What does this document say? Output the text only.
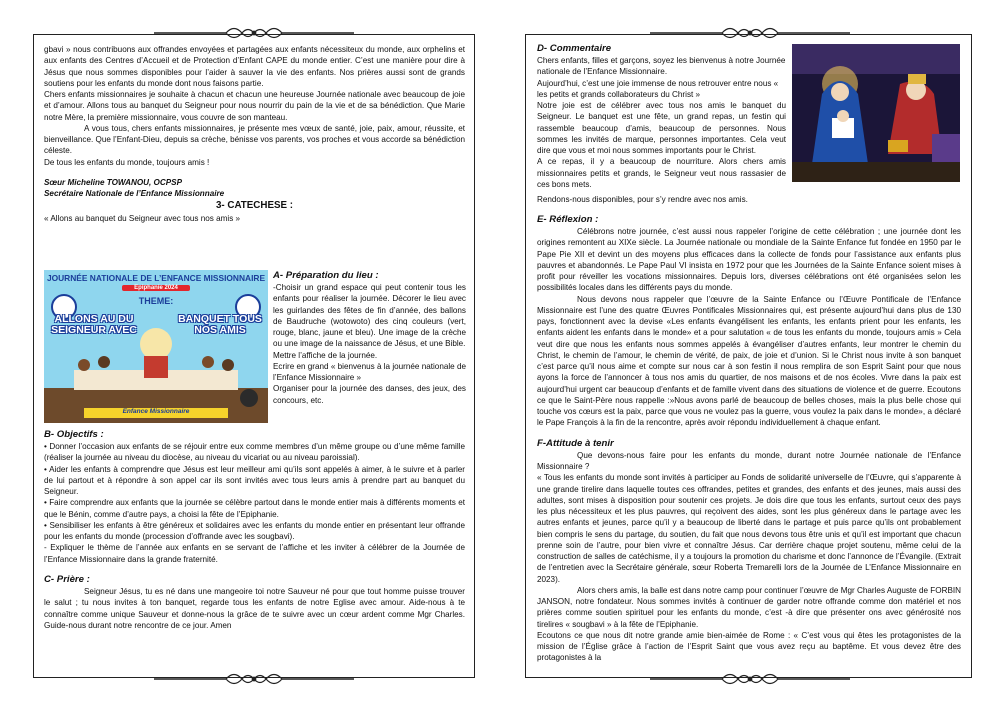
gbavi » nous contribuons aux offrandes envoyées et partagées aux enfants nécessiteux du monde, aux orphelins et aux enfants des Centres d’Accueil et de Protection d’Enfant CAPE du monde entier. C’est une manière pour dire à Jésus que nous sommes disponibles pour l’aider à sauver la vie des enfants. Nos prières aussi sont de grands soutiens pour les enfants du monde dont nous faisons partie.

Chers enfants missionnaires je souhaite à chacun et chacun une heureuse Journée nationale avec beaucoup de joie et d’amour. Allons tous au banquet du Seigneur pour nous nourrir du pain de la vie et de sa bénédiction. Que Marie notre Mère, la première missionnaire, vous couvre de son manteau.

A vous tous, chers enfants missionnaires, je présente mes vœux de santé, joie, paix, amour, réussite, et bienveillance. Que l’Enfant-Dieu, depuis sa crèche, bénisse vos parents, vos proches et vous accorde sa bénédiction céleste.

De tous les enfants du monde, toujours amis !

Sœur Micheline TOWANOU, OCPSP

Secrétaire Nationale de l’Enfance Missionnaire

3- CATECHESE :

« Allons au banquet du Seigneur avec tous nos amis »

JOURNÉE NATIONALE DE L’ENFANCE MISSIONNAIRE
Epiphanie 2024
THEME:
ALLONS AU DU SEIGNEUR AVEC
BANQUET TOUS NOS AMIS
Enfance Missionnaire

A- Préparation du lieu :

-Choisir un grand espace qui peut contenir tous les enfants pour réaliser la journée. Décorer le lieu avec les guirlandes des fêtes de fin d’année, des ballons de Baudruche (wotowoto) des cinq couleurs (vert, rouge, blanc, jaune et bleu). Une image de la crèche ou une image de la naissance de Jésus, et une Bible.

Mettre l’affiche de la journée.

Ecrire en grand « bienvenus à la journée nationale de l’Enfance Missionnaire »

Organiser pour la journée des danses, des jeux, des concours, etc.

B- Objectifs :

• Donner l’occasion aux enfants de se réjouir entre eux comme membres d’un même groupe ou d’une même famille (réaliser la journée au niveau du diocèse, au niveau du vicariat ou au niveau paroissial).

• Aider les enfants à comprendre que Jésus est leur meilleur ami qu’ils sont appelés à aimer, à le suivre et à parler de lui partout et à répondre à son appel car ils sont invités avec tous leurs amis à prendre part au banquet du Seigneur.

• Faire comprendre aux enfants que la journée se célèbre partout dans le monde entier mais à différents moments et que le Bénin, comme d’autre pays, a choisi la fête de l’Epiphanie.

• Sensibiliser les enfants à être généreux et solidaires avec les enfants du monde entier en présentant leur offrande pour les enfants du monde (procession d’offrande avec les sougbavi).

- Expliquer le thème de l’année aux enfants en se servant de l’affiche et les inviter à célébrer de la Journée de l’Enfance Missionnaire dans la grande fraternité.

C- Prière :

Seigneur Jésus, tu es né dans une mangeoire toi notre Sauveur né pour que tout homme puisse trouver le salut ; tu nous invites à ton banquet, regarde tous les enfants de notre Eglise avec amour. Aide-nous à te connaître comme unique Sauveur et donne-nous la grâce de te suivre avec un cœur ardent comme Mgr Charles. Guide-nous durant notre rencontre de ce jour. Amen

D- Commentaire

Chers enfants, filles et garçons, soyez les bienvenus à notre Journée nationale de l’Enfance Missionnaire.

Aujourd’hui, c’est une joie immense de nous retrouver entre nous « les petits et grands collaborateurs du Christ »

Notre joie est de célébrer avec tous nos amis le banquet du Seigneur. Le banquet est une fête, un grand repas, un festin qui rassemble beaucoup d’amis, beaucoup de personnes. Nous sommes les invités de marque, personnes importantes. Cela veut dire que vous et moi nous sommes importants pour le Christ.

A ce repas, il y a beaucoup de nourriture. Alors chers amis missionnaires petits et grands, le Seigneur veut nous rassasier de ces bons mets.

Rendons-nous disponibles, pour s’y rendre avec nos amis.

E- Réflexion :

Célébrons notre journée, c’est aussi nous rappeler l’origine de cette célébration ; une journée dont les origines remontent au XIXe siècle. La Journée nationale ou mondiale de la Sainte Enfance fut fondée en 1950 par le Pape Pie XII et devint un des moyens plus efficaces dans la collecte de fonds pour l’assistance aux enfants plus pauvres et abandonnés. Le Pape Paul VI insista en 1972 pour que les Journées de la Sainte Enfance soient mises à profit pour réveiller les vocations missionnaires. Depuis lors, diverses célébrations ont été organisées selon les possibilités locales dans les différents pays du monde.

Nous devons nous rappeler que l’œuvre de la Sainte Enfance ou l’Œuvre Pontificale de l’Enfance Missionnaire est l’une des quatre Œuvres Pontificales Missionnaires qui, est présente aujourd’hui dans plus de 130 pays, fonctionnent avec la devise «Les enfants évangélisent les enfants, les enfants prient pour les enfants, les enfants aident les enfants dans le monde» et a pour salutation « de tous les enfants du monde, toujours amis » Cela veut dire que nous les enfants nous sommes appelés à évangéliser d’autres enfants, leur montrer le chemin du Christ, le chemin de l’amour, le chemin de vérité, de paix, de joie et d’union. Si le Christ nous invite à son banquet c’est parce qu’il nous aime et compte sur nous car à son festin il nous remplira de son Esprit Saint pour que nous ayons la force de l’annoncer à tous nos amis du quartier, de nos maisons et de nos écoles. Vivre dans la paix est aujourd’hui urgent car beaucoup d’enfants et de famille vivent dans des situations de violence et de guerre. Ecoutons ce que le Saint-Père nous rappelle :»Nous avons parlé de beaucoup de belles choses, mais la plus belle chose qui touche vos cœurs est la paix, parce que vous ne voulez pas la guerre, vous voulez la paix dans le monde», a déclaré le Pape François à la fin de la rencontre, après avoir répondu individuellement à chaque enfant.

F-Attitude à tenir

Que devons-nous faire pour les enfants du monde, durant notre Journée nationale de l’Enfance Missionnaire ?

« Tous les enfants du monde sont invités à participer au Fonds de solidarité universelle de l’Œuvre, qui s’apparente à une grande tirelire dans laquelle toutes ces offrandes, petites et grandes, des enfants et des jeunes, mais aussi des adultes, sont mises à disposition pour soutenir ces projets. Je dois dire que tous les enfants, surtout ceux des pays les plus nécessiteux et les plus pauvres, qui reçoivent des aides, sont les plus généreux dans le partage avec les autres enfants et jeunes, parce qu’il y a beaucoup de liberté dans le partage et puis parce qu’ils ont probablement bien compris le sens du partage, du soutien, du fait que nous devons tous être unis et qu’il est important que chacun prenne soin de l’autre, pour bien vivre et connaître Jésus. Car derrière chaque projet soutenu, même celui de la construction de salles de catéchisme, il y a toujours la promotion du charisme et donc l’annonce de l’Évangile. (Extrait de l’entretien avec la Secrétaire générale, sœur Roberta Tremarelli lors de la Journée de L’Enfance Missionnaire en 2023).

Alors chers amis, la balle est dans notre camp pour continuer l’œuvre de Mgr Charles Auguste de FORBIN JANSON, notre fondateur. Nous sommes invités à continuer de garder notre offrande comme don matériel et nos prières comme soutien spirituel pour les enfants du monde, c’est -à dire que présenter ons avec générosité nos tirelires « sougbavi » à la fête de l’Epiphanie.

Ecoutons ce que nous dit notre grande amie bien-aimée de Rome : « C’est vous qui êtes les protagonistes de la mission de l’Église grâce à l’action de l’Esprit Saint que vous avez reçu au baptême. Et vous devez être des protagonistes à la
